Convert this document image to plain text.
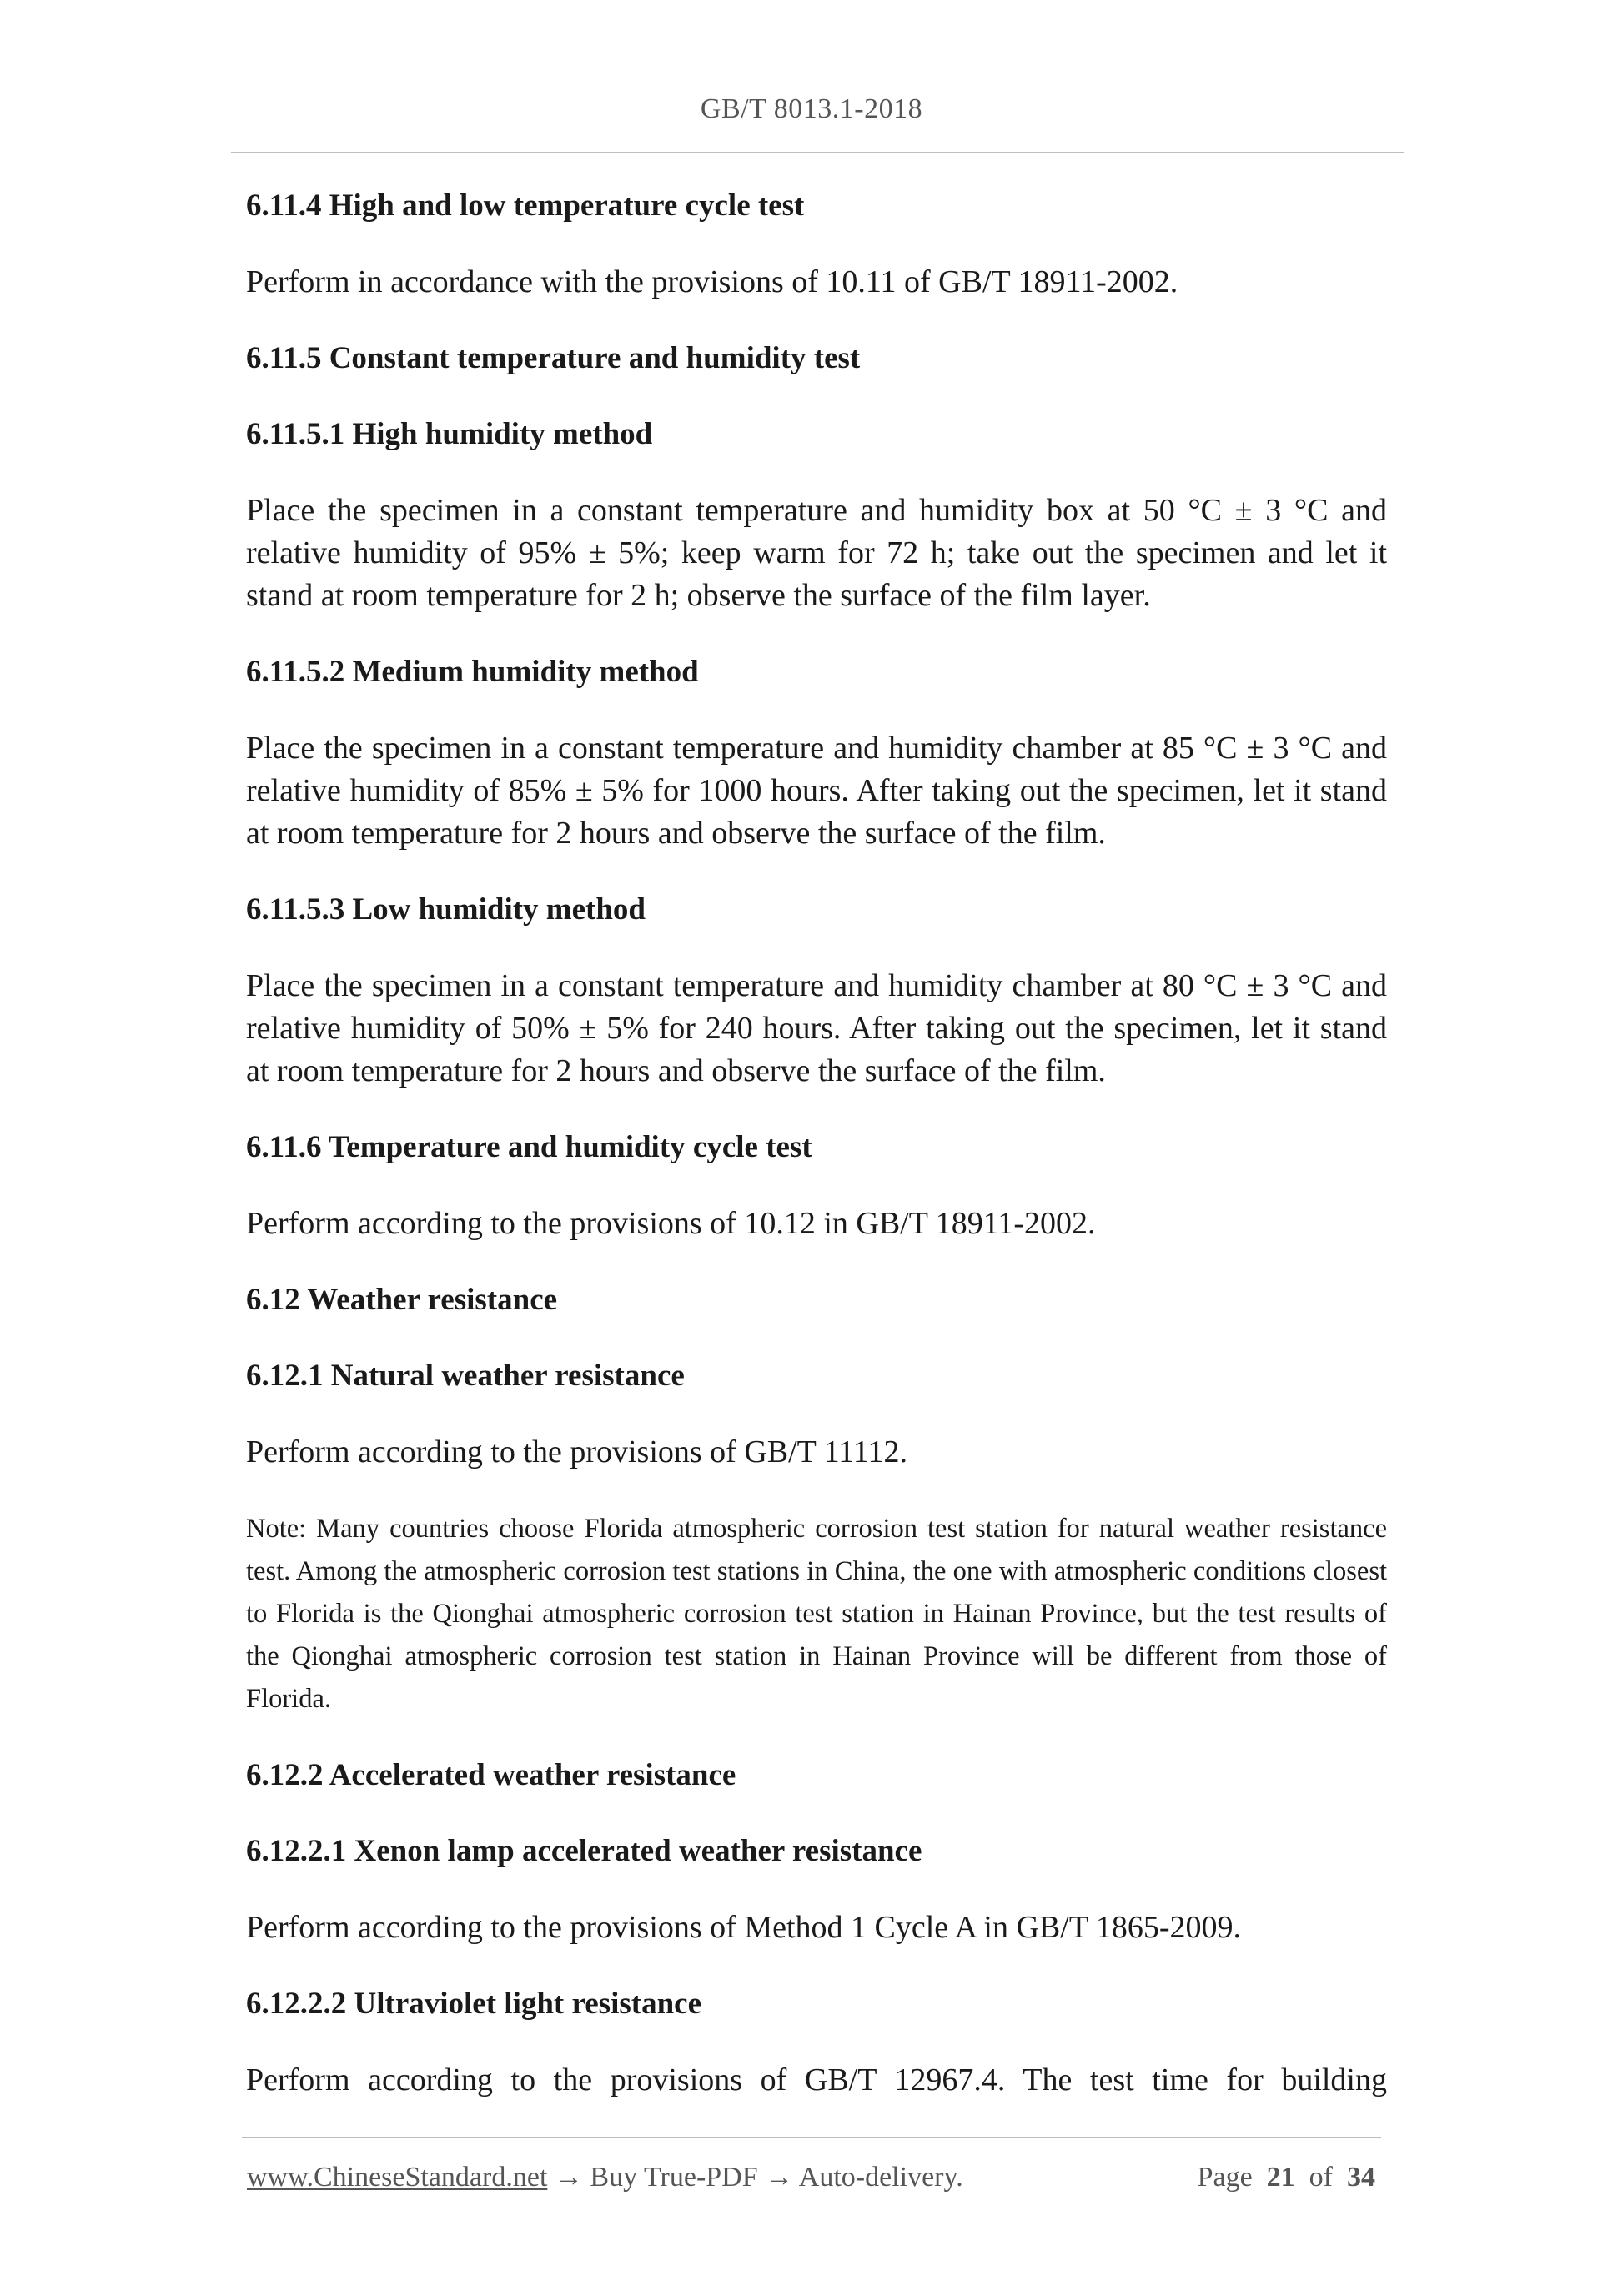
GB/T 8013.1-2018
6.11.4 High and low temperature cycle test
Perform in accordance with the provisions of 10.11 of GB/T 18911-2002.
6.11.5 Constant temperature and humidity test
6.11.5.1 High humidity method
Place the specimen in a constant temperature and humidity box at 50 °C ± 3 °C and relative humidity of 95% ± 5%; keep warm for 72 h; take out the specimen and let it stand at room temperature for 2 h; observe the surface of the film layer.
6.11.5.2 Medium humidity method
Place the specimen in a constant temperature and humidity chamber at 85 °C ± 3 °C and relative humidity of 85% ± 5% for 1000 hours. After taking out the specimen, let it stand at room temperature for 2 hours and observe the surface of the film.
6.11.5.3 Low humidity method
Place the specimen in a constant temperature and humidity chamber at 80 °C ± 3 °C and relative humidity of 50% ± 5% for 240 hours. After taking out the specimen, let it stand at room temperature for 2 hours and observe the surface of the film.
6.11.6 Temperature and humidity cycle test
Perform according to the provisions of 10.12 in GB/T 18911-2002.
6.12 Weather resistance
6.12.1 Natural weather resistance
Perform according to the provisions of GB/T 11112.
Note: Many countries choose Florida atmospheric corrosion test station for natural weather resistance test. Among the atmospheric corrosion test stations in China, the one with atmospheric conditions closest to Florida is the Qionghai atmospheric corrosion test station in Hainan Province, but the test results of the Qionghai atmospheric corrosion test station in Hainan Province will be different from those of Florida.
6.12.2 Accelerated weather resistance
6.12.2.1 Xenon lamp accelerated weather resistance
Perform according to the provisions of Method 1 Cycle A in GB/T 1865-2009.
6.12.2.2 Ultraviolet light resistance
Perform according to the provisions of GB/T 12967.4. The test time for building
www.ChineseStandard.net → Buy True-PDF → Auto-delivery.	Page 21 of 34
